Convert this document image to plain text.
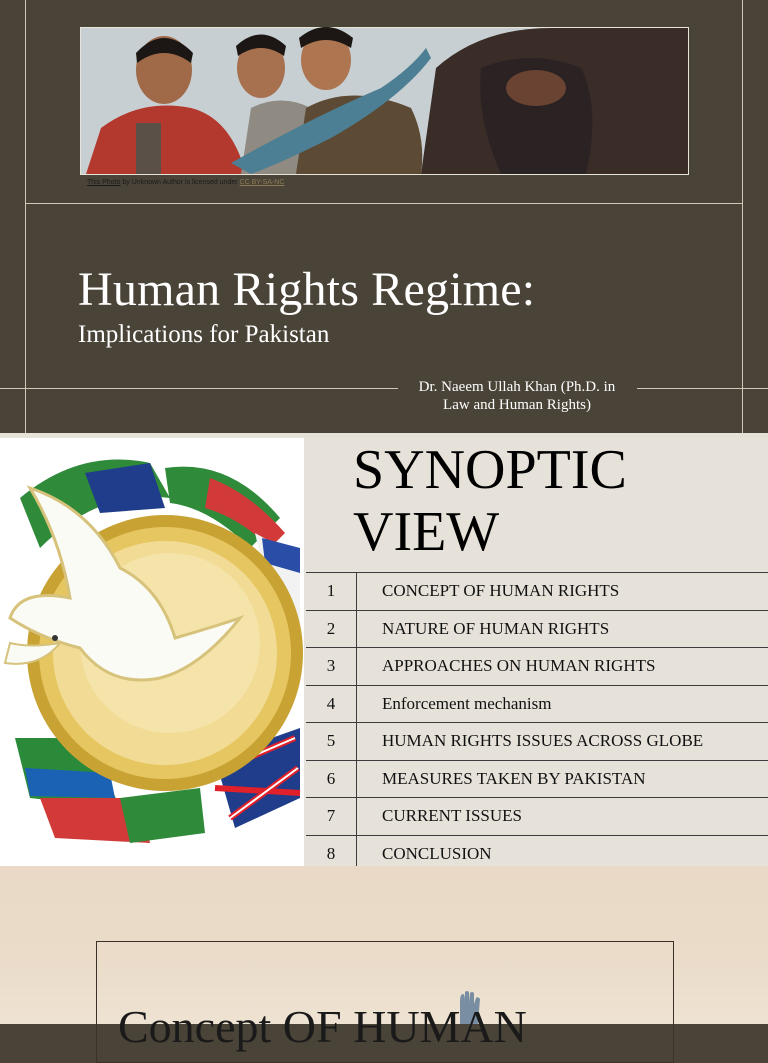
This Photo by Unknown Author is licensed under CC BY-SA-NC
Human Rights Regime:
Implications for Pakistan
Dr. Naeem Ullah Khan (Ph.D. in
Law and Human Rights)
SYNOPTIC
VIEW
1	CONCEPT OF HUMAN RIGHTS
2	NATURE OF HUMAN RIGHTS
3	APPROACHES ON HUMAN RIGHTS
4	Enforcement mechanism
5	HUMAN RIGHTS ISSUES ACROSS GLOBE
6	MEASURES TAKEN BY PAKISTAN
7	CURRENT ISSUES
8	CONCLUSION
Concept OF HUMAN
